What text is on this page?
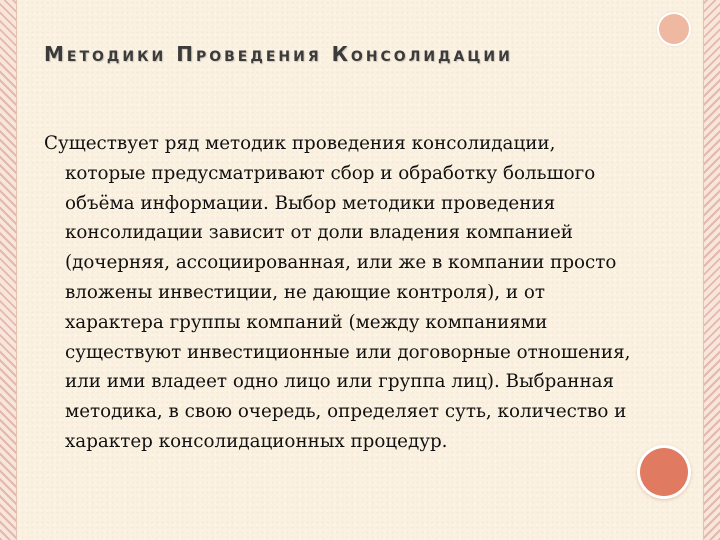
Методики Проведения Консолидации

Существует ряд методик проведения консолидации, которые предусматривают сбор и обработку большого объёма информации. Выбор методики проведения консолидации зависит от доли владения компанией (дочерняя, ассоциированная, или же в компании просто вложены инвестиции, не дающие контроля), и от характера группы компаний (между компаниями существуют инвестиционные или договорные отношения, или ими владеет одно лицо или группа лиц). Выбранная методика, в свою очередь, определяет суть, количество и характер консолидационных процедур.
